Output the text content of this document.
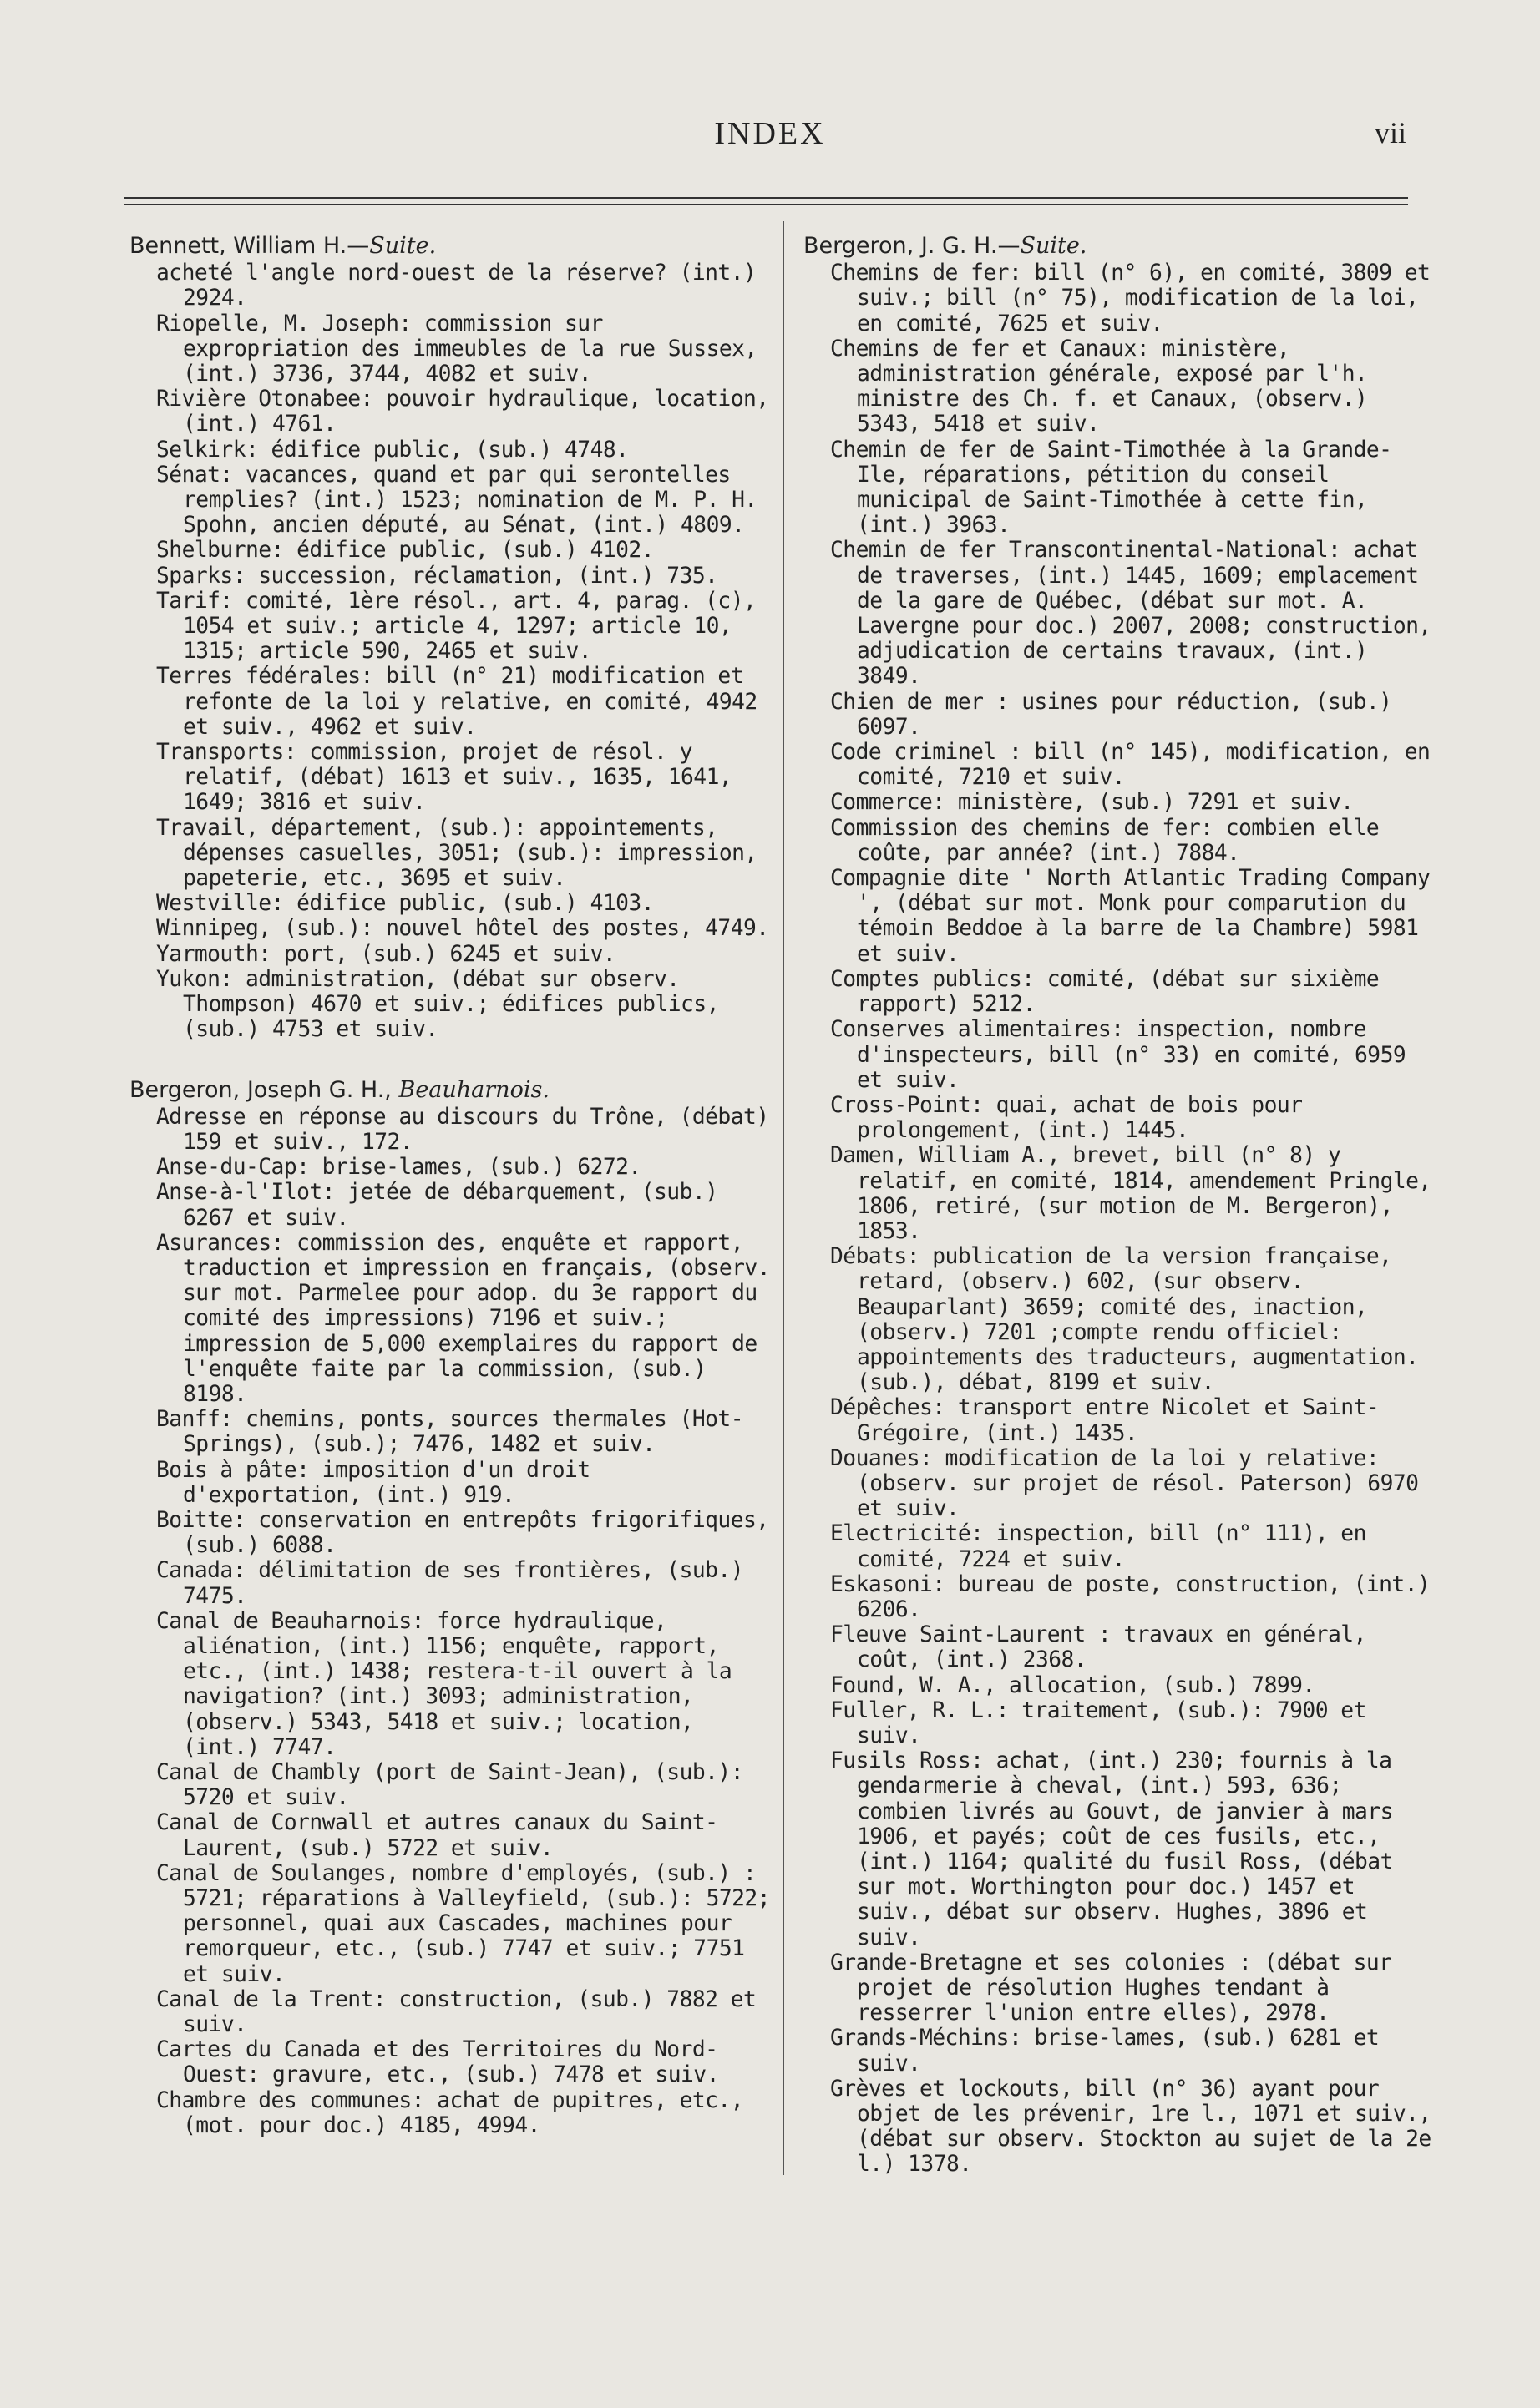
INDEX	vii
Bennett, William H.—Suite.

acheté l'angle nord-ouest de la réserve? (int.) 2924.

Riopelle, M. Joseph: commission sur expropriation des immeubles de la rue Sussex, (int.) 3736, 3744, 4082 et suiv.

Rivière Otonabee: pouvoir hydraulique, location, (int.) 4761.

Selkirk: édifice public, (sub.) 4748.

Sénat: vacances, quand et par qui serontelles remplies? (int.) 1523; nomination de M. P. H. Spohn, ancien député, au Sénat, (int.) 4809.

Shelburne: édifice public, (sub.) 4102.

Sparks: succession, réclamation, (int.) 735.

Tarif: comité, 1ère résol., art. 4, parag. (c), 1054 et suiv.; article 4, 1297; article 10, 1315; article 590, 2465 et suiv.

Terres fédérales: bill (n° 21) modification et refonte de la loi y relative, en comité, 4942 et suiv., 4962 et suiv.

Transports: commission, projet de résol. y relatif, (débat) 1613 et suiv., 1635, 1641, 1649; 3816 et suiv.

Travail, département, (sub.): appointements, dépenses casuelles, 3051; (sub.): impression, papeterie, etc., 3695 et suiv.

Westville: édifice public, (sub.) 4103.

Winnipeg, (sub.): nouvel hôtel des postes, 4749.

Yarmouth: port, (sub.) 6245 et suiv.

Yukon: administration, (débat sur observ. Thompson) 4670 et suiv.; édifices publics, (sub.) 4753 et suiv.

Bergeron, Joseph G. H., Beauharnois.

Adresse en réponse au discours du Trône, (débat) 159 et suiv., 172.

Anse-du-Cap: brise-lames, (sub.) 6272.

Anse-à-l'Ilot: jetée de débarquement, (sub.) 6267 et suiv.

Asurances: commission des, enquête et rapport, traduction et impression en français, (observ. sur mot. Parmelee pour adop. du 3e rapport du comité des impressions) 7196 et suiv.; impression de 5,000 exemplaires du rapport de l'enquête faite par la commission, (sub.) 8198.

Banff: chemins, ponts, sources thermales (Hot-Springs), (sub.); 7476, 1482 et suiv.

Bois à pâte: imposition d'un droit d'exportation, (int.) 919.

Boitte: conservation en entrepôts frigorifiques, (sub.) 6088.

Canada: délimitation de ses frontières, (sub.) 7475.

Canal de Beauharnois: force hydraulique, aliénation, (int.) 1156; enquête, rapport, etc., (int.) 1438; restera-t-il ouvert à la navigation? (int.) 3093; administration, (observ.) 5343, 5418 et suiv.; location, (int.) 7747.

Canal de Chambly (port de Saint-Jean), (sub.): 5720 et suiv.

Canal de Cornwall et autres canaux du Saint-Laurent, (sub.) 5722 et suiv.

Canal de Soulanges, nombre d'employés, (sub.) : 5721; réparations à Valleyfield, (sub.): 5722; personnel, quai aux Cascades, machines pour remorqueur, etc., (sub.) 7747 et suiv.; 7751 et suiv.

Canal de la Trent: construction, (sub.) 7882 et suiv.

Cartes du Canada et des Territoires du Nord-Ouest: gravure, etc., (sub.) 7478 et suiv.

Chambre des communes: achat de pupitres, etc., (mot. pour doc.) 4185, 4994.

Bergeron, J. G. H.—Suite.

Chemins de fer: bill (n° 6), en comité, 3809 et suiv.; bill (n° 75), modification de la loi, en comité, 7625 et suiv.

Chemins de fer et Canaux: ministère, administration générale, exposé par l'h. ministre des Ch. f. et Canaux, (observ.) 5343, 5418 et suiv.

Chemin de fer de Saint-Timothée à la Grande-Ile, réparations, pétition du conseil municipal de Saint-Timothée à cette fin, (int.) 3963.

Chemin de fer Transcontinental-National: achat de traverses, (int.) 1445, 1609; emplacement de la gare de Québec, (débat sur mot. A. Lavergne pour doc.) 2007, 2008; construction, adjudication de certains travaux, (int.) 3849.

Chien de mer : usines pour réduction, (sub.) 6097.

Code criminel : bill (n° 145), modification, en comité, 7210 et suiv.

Commerce: ministère, (sub.) 7291 et suiv.

Commission des chemins de fer: combien elle coûte, par année? (int.) 7884.

Compagnie dite ' North Atlantic Trading Company ', (débat sur mot. Monk pour comparution du témoin Beddoe à la barre de la Chambre) 5981 et suiv.

Comptes publics: comité, (débat sur sixième rapport) 5212.

Conserves alimentaires: inspection, nombre d'inspecteurs, bill (n° 33) en comité, 6959 et suiv.

Cross-Point: quai, achat de bois pour prolongement, (int.) 1445.

Damen, William A., brevet, bill (n° 8) y relatif, en comité, 1814, amendement Pringle, 1806, retiré, (sur motion de M. Bergeron), 1853.

Débats: publication de la version française, retard, (observ.) 602, (sur observ. Beauparlant) 3659; comité des, inaction, (observ.) 7201 ;compte rendu officiel: appointements des traducteurs, augmentation. (sub.), débat, 8199 et suiv.

Dépêches: transport entre Nicolet et Saint-Grégoire, (int.) 1435.

Douanes: modification de la loi y relative: (observ. sur projet de résol. Paterson) 6970 et suiv.

Electricité: inspection, bill (n° 111), en comité, 7224 et suiv.

Eskasoni: bureau de poste, construction, (int.) 6206.

Fleuve Saint-Laurent : travaux en général, coût, (int.) 2368.

Found, W. A., allocation, (sub.) 7899.

Fuller, R. L.: traitement, (sub.): 7900 et suiv.

Fusils Ross: achat, (int.) 230; fournis à la gendarmerie à cheval, (int.) 593, 636; combien livrés au Gouvt, de janvier à mars 1906, et payés; coût de ces fusils, etc., (int.) 1164; qualité du fusil Ross, (débat sur mot. Worthington pour doc.) 1457 et suiv., débat sur observ. Hughes, 3896 et suiv.

Grande-Bretagne et ses colonies : (débat sur projet de résolution Hughes tendant à resserrer l'union entre elles), 2978.

Grands-Méchins: brise-lames, (sub.) 6281 et suiv.

Grèves et lockouts, bill (n° 36) ayant pour objet de les prévenir, 1re l., 1071 et suiv., (débat sur observ. Stockton au sujet de la 2e l.) 1378.
